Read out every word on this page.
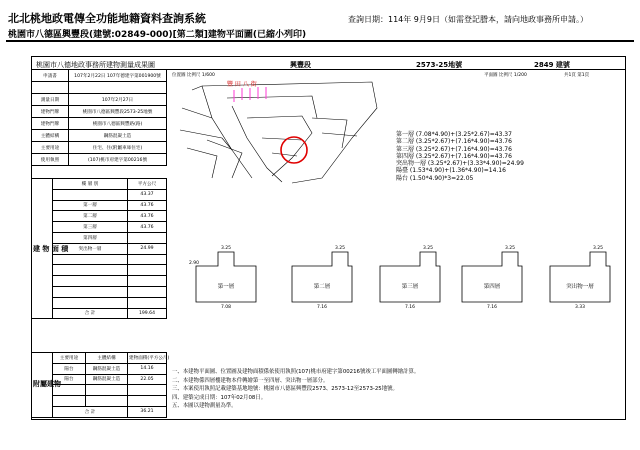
北北桃地政電傳全功能地籍資料查詢系統
桃園市八德區興豐段(建號:02849-000)[第二類]建物平面圖(已縮小列印)
查詢日期：114年 9月9日（如需登記謄本，請向地政事務所申請。）
桃園市八德地政事務所建物測量成果圖	興豐段	2573-25地號	2849 建號
位置圖 比例尺 1/600	平面圖 比例尺 1/200	共1頁 第1頁
申請書	107年2月22日 107年德建字第001900號

測量日期	107年2月27日
建物門牌	桃園市八德區興豐段2573-25地號
建物門牌	桃園市八德區興豐路(路)
主體結構	鋼筋混凝土造
主要用途	住宅、住(附屬車庫住宅)
使用執照	(107)桃市府建字第00216號
建 物 面 積	樓 層 別	平方公尺
		43.37
	第一層	43.76
	第二層	43.76
	第三層	43.76
	第四層	
	突出物一層	24.99

	合 計	199.64
附屬建物	主要用途	主體結構	建物面積(平方公尺)
	陽台	鋼筋混凝土造	14.16
	陽台	鋼筋混凝土造	22.05

	合 計		36.21
豐 田 八 街
第一層 (7.08*4.90)+(3.25*2.67)=43.37
第二層 (3.25*2.67)+(7.16*4.90)=43.76
第三層 (3.25*2.67)+(7.16*4.90)=43.76
第四層 (3.25*2.67)+(7.16*4.90)=43.76
突出物一層 (3.25*2.67)+(3.33*4.90)=24.99
陽臺 (1.53*4.90)+(1.36*4.90)=14.16
陽台 (1.50*4.90)*3=22.05
第一層
3.25
7.08
2.90
第二層
3.25
7.16
第三層
3.25
7.16
第四層
3.25
7.16
突出物一層
3.25
3.33
一、本建物平面圖、位置圖及建物面積係依使用執照(107)桃市府建字第00216號竣工平面圖轉繪計算。
二、本建物係四層樓建物本件轉繪第一至四層、突出物一層部分。
三、本案使用執照記載建築基地地號：桃園市八德區興豐段2573、2573-12至2573-25地號。
四、建築完成日期：107年02月08日。
五、本圖以建物測量為準。
